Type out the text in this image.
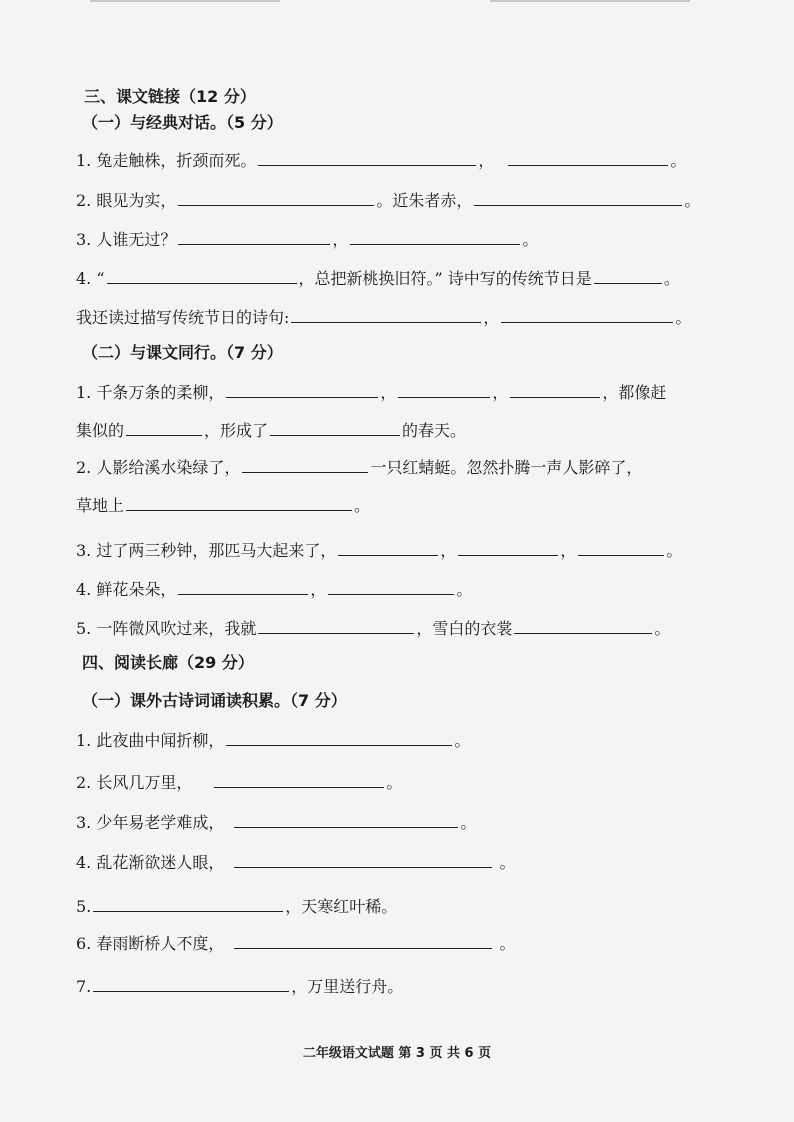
三、课文链接（12 分）
（一）与经典对话。（5 分）
1. 兔走触株，折颈而死。	，	。
2. 眼见为实，	。近朱者赤，	。
3. 人谁无过？	，	。
4. “	，总把新桃换旧符。” 诗中写的传统节日是	。
我还读过描写传统节日的诗句:	，	。
（二）与课文同行。（7 分）
1. 千条万条的柔柳，	，	，	，都像赶
集似的	，形成了	的春天。
2. 人影给溪水染绿了，	一只红蜻蜓。忽然扑腾一声人影碎了，
草地上	。
3. 过了两三秒钟，那匹马大起来了，	，	，	。
4. 鲜花朵朵，	，	。
5. 一阵微风吹过来，我就	，雪白的衣裳	。
四、阅读长廊（29 分）
（一）课外古诗词诵读积累。（7 分）
1. 此夜曲中闻折柳，	。
2. 长风几万里，	。
3. 少年易老学难成，	。
4. 乱花渐欲迷人眼，	。
5.	，天寒红叶稀。
6. 春雨断桥人不度，	。
7.	，万里送行舟。
二年级语文试题 第 3 页 共 6 页
